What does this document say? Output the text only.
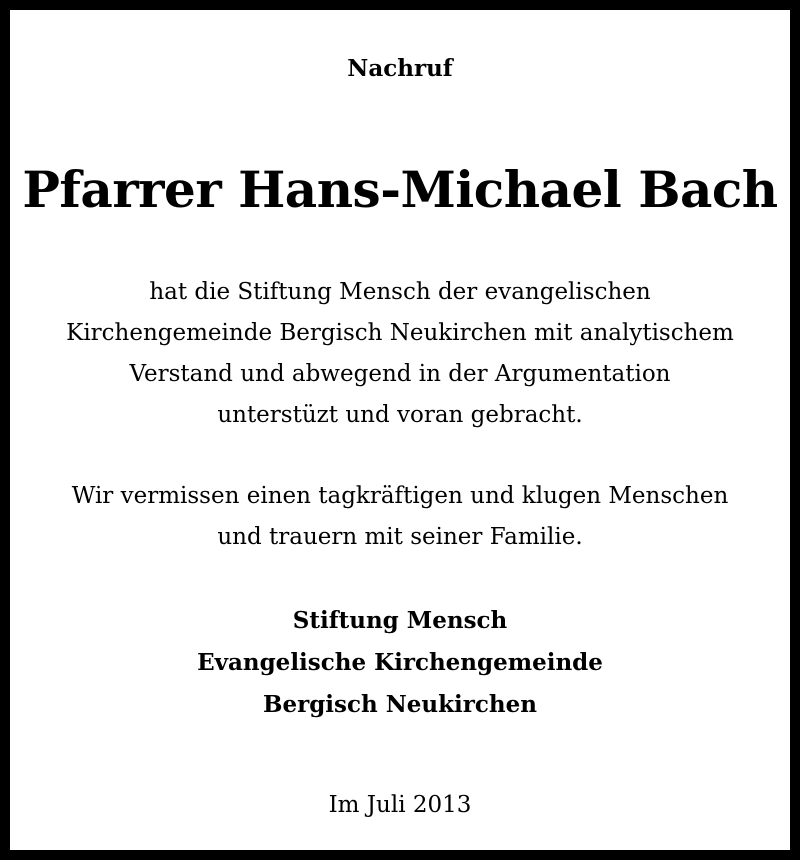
Nachruf
Pfarrer Hans-Michael Bach
hat die Stiftung Mensch der evangelischen
Kirchengemeinde Bergisch Neukirchen mit analytischem
Verstand und abwegend in der Argumentation
unterstüzt und voran gebracht.
Wir vermissen einen tagkräftigen und klugen Menschen
und trauern mit seiner Familie.
Stiftung Mensch
Evangelische Kirchengemeinde
Bergisch Neukirchen
Im Juli 2013
